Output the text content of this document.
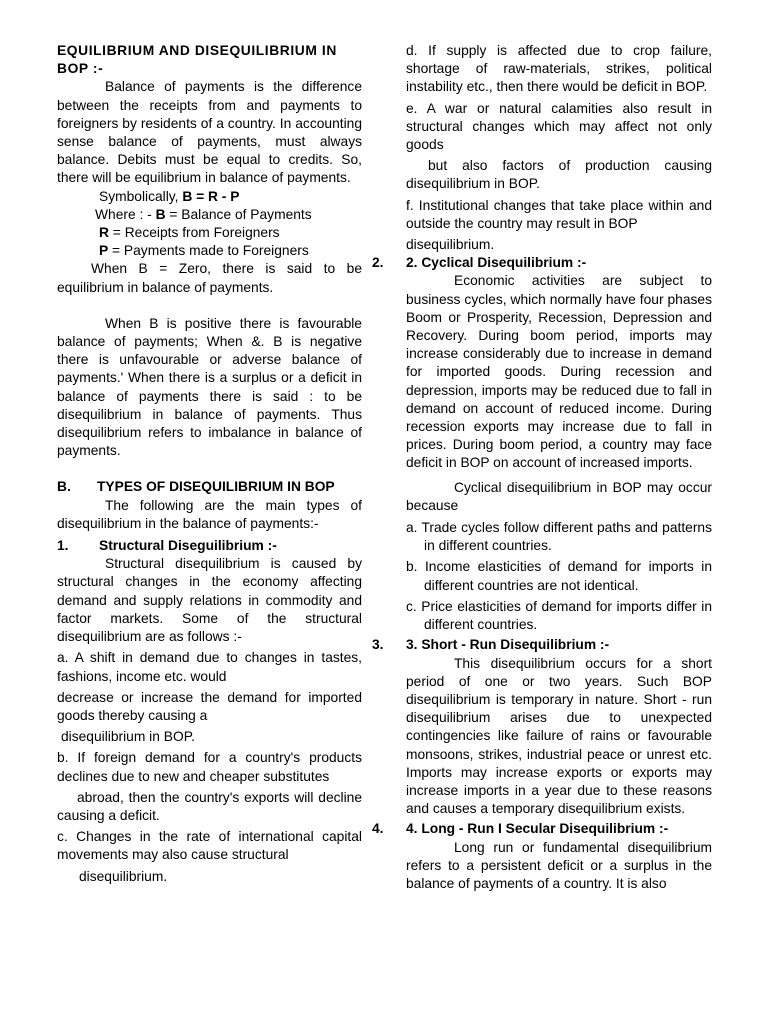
EQUILIBRIUM AND DISEQUILIBRIUM IN BOP :-

Balance of payments is the difference between the receipts from and payments to foreigners by residents of a country. In accounting sense balance of payments, must always balance. Debits must be equal to credits. So, there will be equilibrium in balance of payments.

Symbolically, B = R - P

Where : - B = Balance of Payments

R = Receipts from Foreigners

P = Payments made to Foreigners

When B = Zero, there is said to be equilibrium in balance of payments.

When B is positive there is favourable balance of payments; When &. B is negative there is unfavourable or adverse balance of payments.' When there is a surplus or a deficit in balance of payments there is said : to be disequilibrium in balance of payments. Thus disequilibrium refers to imbalance in balance of payments.

B. TYPES OF DISEQUILIBRIUM IN BOP

The following are the main types of disequilibrium in the balance of payments:-

1. Structural Diseguilibrium :-

Structural disequilibrium is caused by structural changes in the economy affecting demand and supply relations in commodity and factor markets. Some of the structural disequilibrium are as follows :-

a. A shift in demand due to changes in tastes, fashions, income etc. would

decrease or increase the demand for imported goods thereby causing a

disequilibrium in BOP.

b. If foreign demand for a country's products declines due to new and cheaper substitutes

abroad, then the country's exports will decline causing a deficit.

c. Changes in the rate of international capital movements may also cause structural

disequilibrium.

d. If supply is affected due to crop failure, shortage of raw-materials, strikes, political instability etc., then there would be deficit in BOP.

e. A war or natural calamities also result in structural changes which may affect not only goods

but also factors of production causing disequilibrium in BOP.

f. Institutional changes that take place within and outside the country may result in BOP

disequilibrium.

2. 2. Cyclical Disequilibrium :-

Economic activities are subject to business cycles, which normally have four phases Boom or Prosperity, Recession, Depression and Recovery. During boom period, imports may increase considerably due to increase in demand for imported goods. During recession and depression, imports may be reduced due to fall in demand on account of reduced income. During recession exports may increase due to fall in prices. During boom period, a country may face deficit in BOP on account of increased imports.

Cyclical disequilibrium in BOP may occur because

a. Trade cycles follow different paths and patterns in different countries.

b. Income elasticities of demand for imports in different countries are not identical.

c. Price elasticities of demand for imports differ in different countries.

3. 3. Short - Run Disequilibrium :-

This disequilibrium occurs for a short period of one or two years. Such BOP disequilibrium is temporary in nature. Short - run disequilibrium arises due to unexpected contingencies like failure of rains or favourable monsoons, strikes, industrial peace or unrest etc. Imports may increase exports or exports may increase imports in a year due to these reasons and causes a temporary disequilibrium exists.

4. 4. Long - Run I Secular Disequilibrium :-

Long run or fundamental disequilibrium refers to a persistent deficit or a surplus in the balance of payments of a country. It is also
